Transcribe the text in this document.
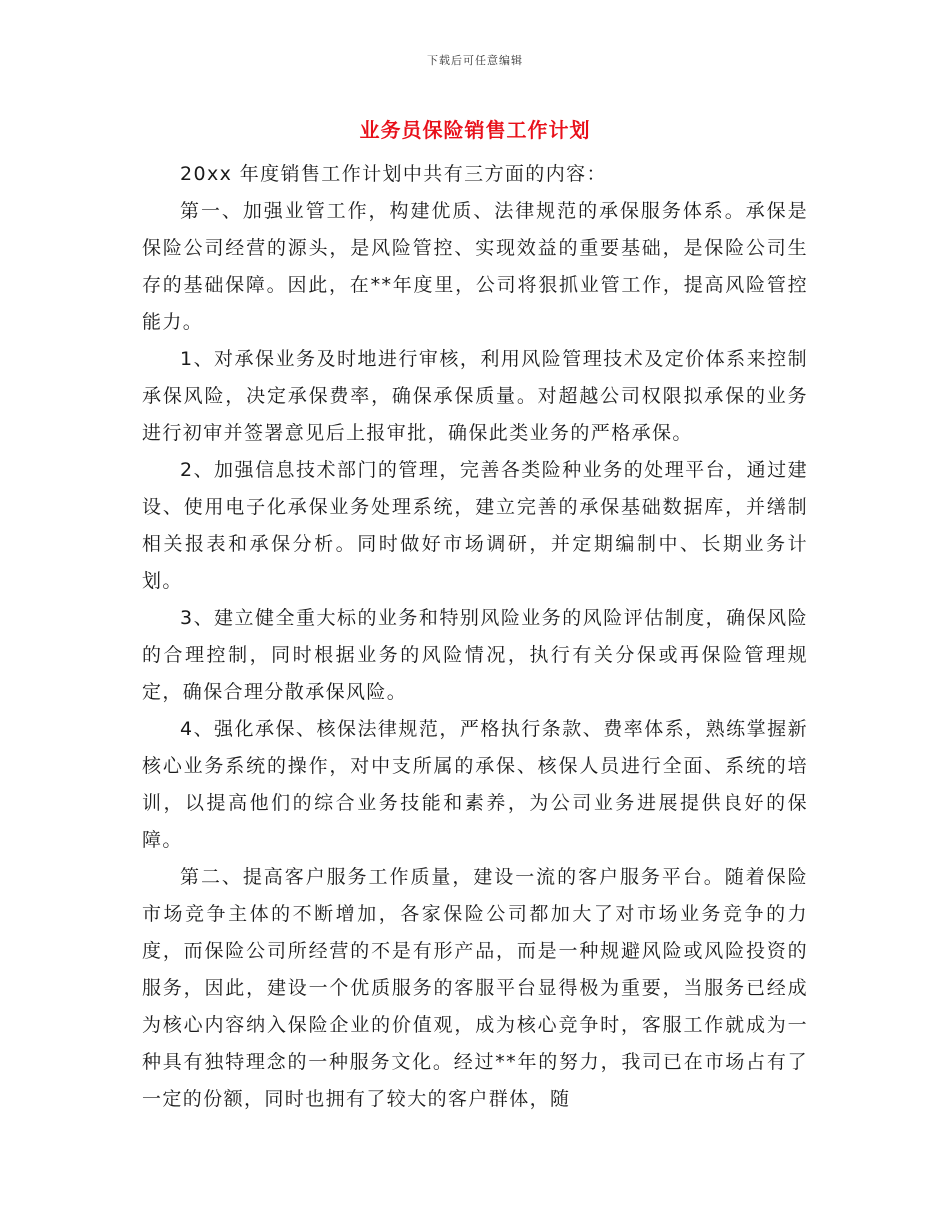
下载后可任意编辑
业务员保险销售工作计划

20xx 年度销售工作计划中共有三方面的内容：

第一、加强业管工作，构建优质、法律规范的承保服务体系。承保是保险公司经营的源头，是风险管控、实现效益的重要基础，是保险公司生存的基础保障。因此，在**年度里，公司将狠抓业管工作，提高风险管控能力。

1、对承保业务及时地进行审核，利用风险管理技术及定价体系来控制承保风险，决定承保费率，确保承保质量。对超越公司权限拟承保的业务进行初审并签署意见后上报审批，确保此类业务的严格承保。

2、加强信息技术部门的管理，完善各类险种业务的处理平台，通过建设、使用电子化承保业务处理系统，建立完善的承保基础数据库，并缮制相关报表和承保分析。同时做好市场调研，并定期编制中、长期业务计划。

3、建立健全重大标的业务和特别风险业务的风险评估制度，确保风险的合理控制，同时根据业务的风险情况，执行有关分保或再保险管理规定，确保合理分散承保风险。

4、强化承保、核保法律规范，严格执行条款、费率体系，熟练掌握新核心业务系统的操作，对中支所属的承保、核保人员进行全面、系统的培训，以提高他们的综合业务技能和素养，为公司业务进展提供良好的保障。

第二、提高客户服务工作质量，建设一流的客户服务平台。随着保险市场竞争主体的不断增加，各家保险公司都加大了对市场业务竞争的力度，而保险公司所经营的不是有形产品，而是一种规避风险或风险投资的服务，因此，建设一个优质服务的客服平台显得极为重要，当服务已经成为核心内容纳入保险企业的价值观，成为核心竞争时，客服工作就成为一种具有独特理念的一种服务文化。经过**年的努力，我司已在市场占有了一定的份额，同时也拥有了较大的客户群体，随
